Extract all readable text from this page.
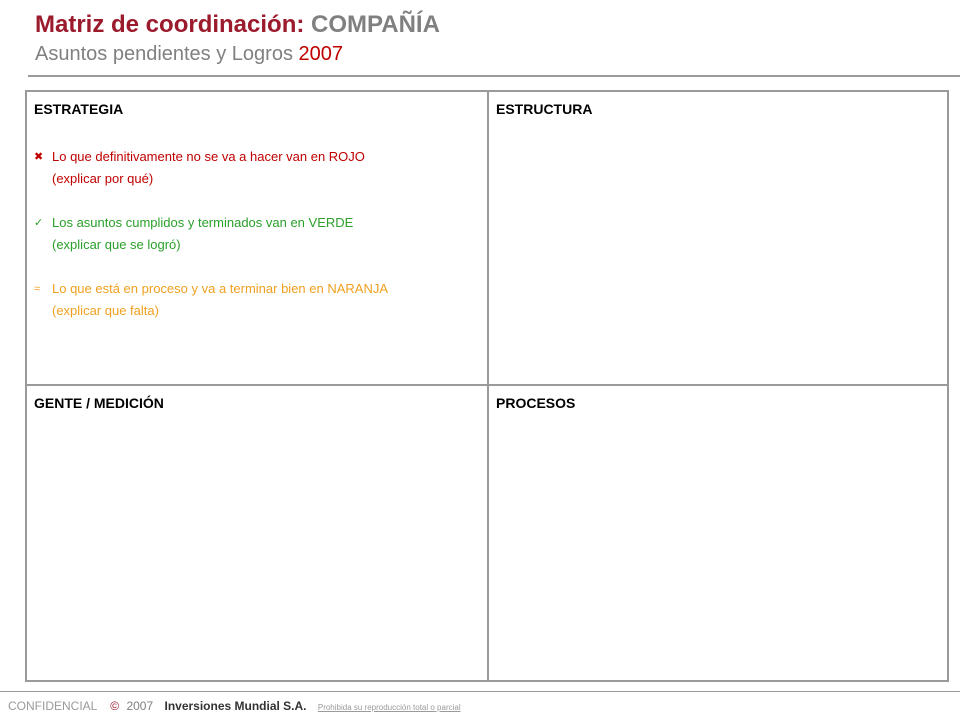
Matriz de coordinación: COMPAÑÍA
Asuntos pendientes y Logros 2007
ESTRATEGIA
✖ Lo que definitivamente no se va a hacer van en ROJO
(explicar por qué)
✓ Los asuntos cumplidos y terminados van en VERDE
(explicar que se logró)
≈ Lo que está en proceso y va a terminar bien en NARANJA
(explicar que falta)
ESTRUCTURA
GENTE / MEDICIÓN	PROCESOS
CONFIDENCIAL © 2007 Inversiones Mundial S.A. Prohibida su reproducción total o parcial
